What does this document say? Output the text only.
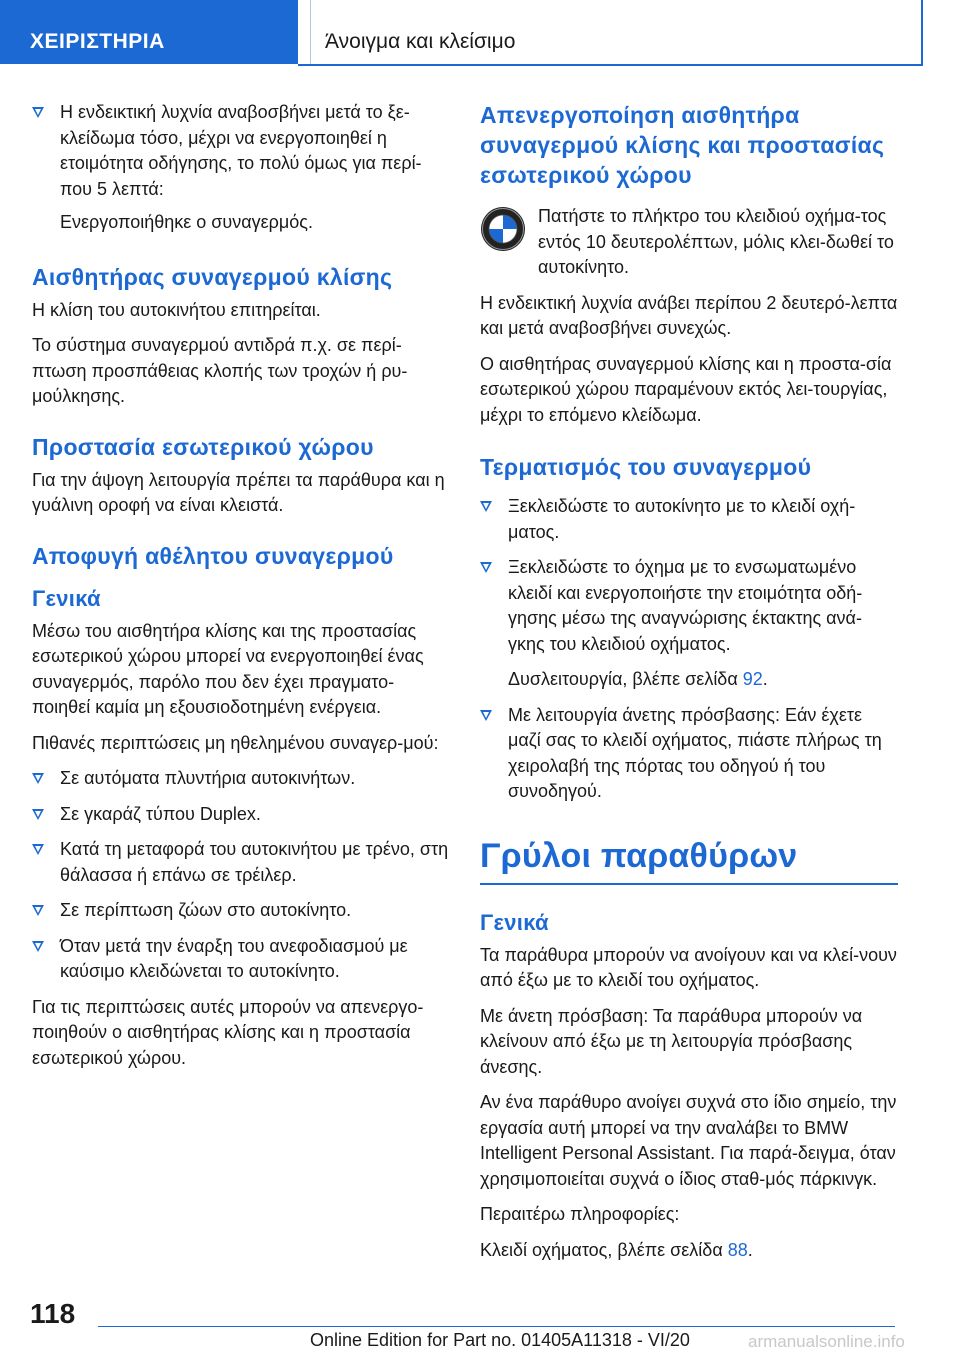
ΧΕΙΡΙΣΤΗΡΙΑ	Άνοιγμα και κλείσιμο
Η ενδεικτική λυχνία αναβοσβήνει μετά το ξε‐κλείδωμα τόσο, μέχρι να ενεργοποιηθεί η ετοιμότητα οδήγησης, το πολύ όμως για περί‐που 5 λεπτά:
Ενεργοποιήθηκε ο συναγερμός.
Αισθητήρας συναγερμού κλίσης
Η κλίση του αυτοκινήτου επιτηρείται.
Το σύστημα συναγερμού αντιδρά π.χ. σε περί‐πτωση προσπάθειας κλοπής των τροχών ή ρυ‐μούλκησης.
Προστασία εσωτερικού χώρου
Για την άψογη λειτουργία πρέπει τα παράθυρα και η γυάλινη οροφή να είναι κλειστά.
Αποφυγή αθέλητου συναγερμού
Γενικά
Μέσω του αισθητήρα κλίσης και της προστασίας εσωτερικού χώρου μπορεί να ενεργοποιηθεί ένας συναγερμός, παρόλο που δεν έχει πραγματο‐ποιηθεί καμία μη εξουσιοδοτημένη ενέργεια.
Πιθανές περιπτώσεις μη ηθελημένου συναγερ‐μού:
Σε αυτόματα πλυντήρια αυτοκινήτων.
Σε γκαράζ τύπου Duplex.
Κατά τη μεταφορά του αυτοκινήτου με τρένο, στη θάλασσα ή επάνω σε τρέιλερ.
Σε περίπτωση ζώων στο αυτοκίνητο.
Όταν μετά την έναρξη του ανεφοδιασμού με καύσιμο κλειδώνεται το αυτοκίνητο.
Για τις περιπτώσεις αυτές μπορούν να απενεργο‐ποιηθούν ο αισθητήρας κλίσης και η προστασία εσωτερικού χώρου.
Απενεργοποίηση αισθητήρα συναγερμού κλίσης και προστασίας εσωτερικού χώρου
Πατήστε το πλήκτρο του κλειδιού οχήμα‐τος εντός 10 δευτερολέπτων, μόλις κλει‐δωθεί το αυτοκίνητο.
Η ενδεικτική λυχνία ανάβει περίπου 2 δευτερό‐λεπτα και μετά αναβοσβήνει συνεχώς.
Ο αισθητήρας συναγερμού κλίσης και η προστα‐σία εσωτερικού χώρου παραμένουν εκτός λει‐τουργίας, μέχρι το επόμενο κλείδωμα.
Τερματισμός του συναγερμού
Ξεκλειδώστε το αυτοκίνητο με το κλειδί οχή‐ματος.
Ξεκλειδώστε το όχημα με το ενσωματωμένο κλειδί και ενεργοποιήστε την ετοιμότητα οδή‐γησης μέσω της αναγνώρισης έκτακτης ανά‐γκης του κλειδιού οχήματος.
Δυσλειτουργία, βλέπε σελίδα 92.
Με λειτουργία άνετης πρόσβασης: Εάν έχετε μαζί σας το κλειδί οχήματος, πιάστε πλήρως τη χειρολαβή της πόρτας του οδηγού ή του συνοδηγού.
Γρύλοι παραθύρων
Γενικά
Τα παράθυρα μπορούν να ανοίγουν και να κλεί‐νουν από έξω με το κλειδί του οχήματος.
Με άνετη πρόσβαση: Τα παράθυρα μπορούν να κλείνουν από έξω με τη λειτουργία πρόσβασης άνεσης.
Αν ένα παράθυρο ανοίγει συχνά στο ίδιο σημείο, την εργασία αυτή μπορεί να την αναλάβει το BMW Intelligent Personal Assistant. Για παρά‐δειγμα, όταν χρησιμοποιείται συχνά ο ίδιος σταθ‐μός πάρκινγκ.
Περαιτέρω πληροφορίες:
Κλειδί οχήματος, βλέπε σελίδα 88.
118
Online Edition for Part no. 01405A11318 - VI/20	armanualsonline.info
